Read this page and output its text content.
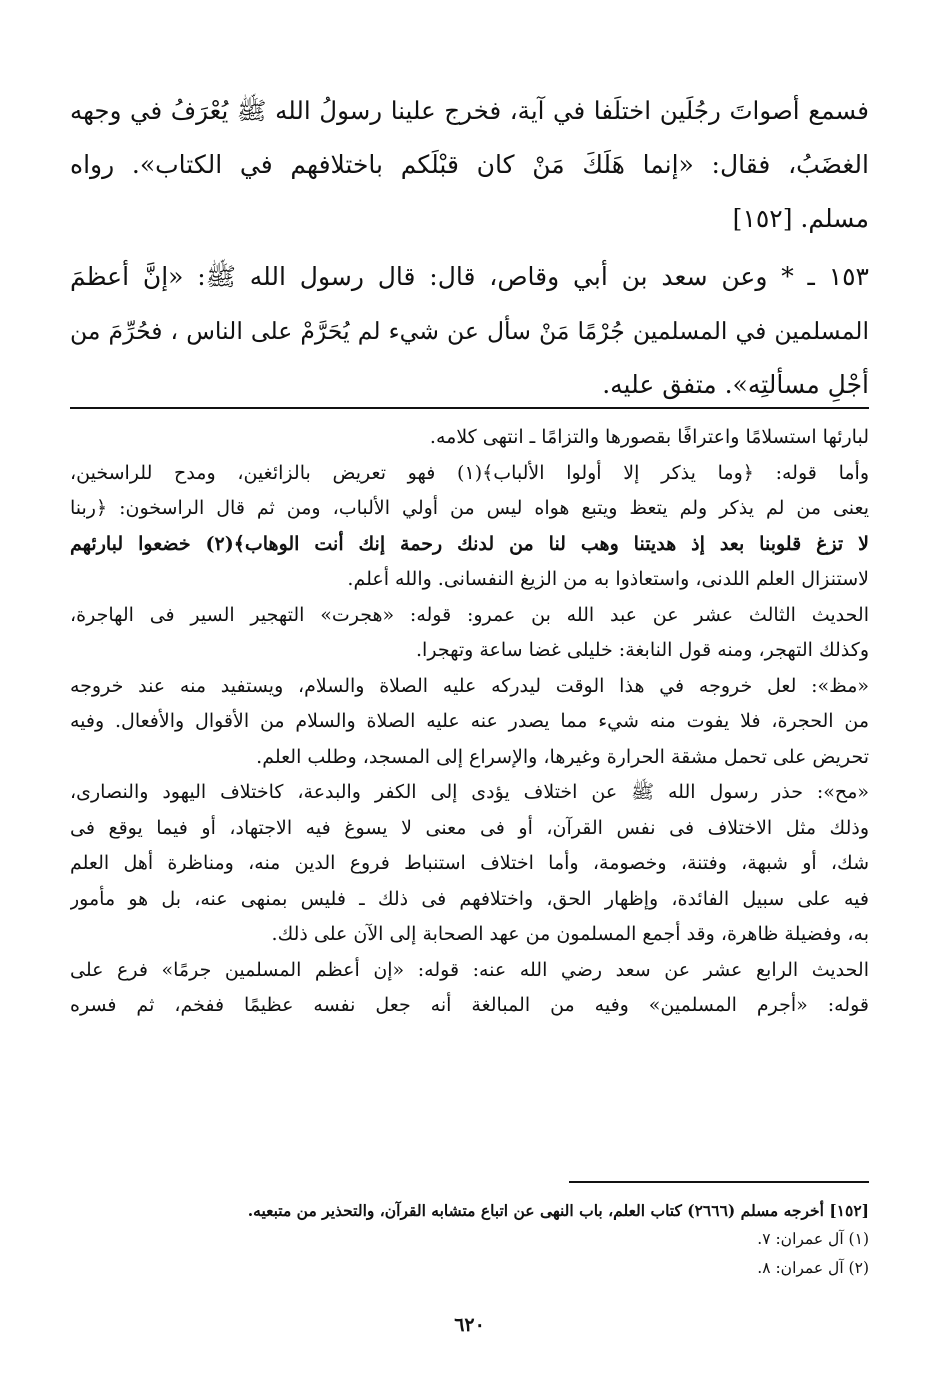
فسمع أصواتَ رجُلَين اختلَفا في آية، فخرج علينا رسولُ الله ﷺ يُعْرَفُ في وجهه
الغضَبُ، فقال: «إنما هَلَكَ مَنْ كان قبْلَكم باختلافهم في الكتاب». رواه
مسلم. [١٥٢]
١٥٣ ـ * وعن سعد بن أبي وقاص، قال: قال رسول الله ﷺ: «إنَّ أعظمَ
المسلمين في المسلمين جُرْمًا مَنْ سأل عن شيء لم يُحَرَّمْ على الناس ، فحُرِّمَ من
أجْلِ مسألتِه». متفق عليه.
لبارئها استسلامًا واعترافًا بقصورها والتزامًا ـ انتهى كلامه.
وأما قوله: ﴿وما يذكر إلا أولوا الألباب﴾(١) فهو تعريض بالزائغين، ومدح للراسخين،
يعنى من لم يذكر ولم يتعظ ويتبع هواه ليس من أولي الألباب، ومن ثم قال الراسخون: ﴿ربنا
لا تزغ قلوبنا بعد إذ هديتنا وهب لنا من لدنك رحمة إنك أنت الوهاب﴾(٢) خضعوا لبارئهم
لاستنزال العلم اللدنى، واستعاذوا به من الزيغ النفسانى. والله أعلم.
الحديث الثالث عشر عن عبد الله بن عمرو: قوله: «هجرت» التهجير السير فى الهاجرة،
وكذلك التهجر، ومنه قول النابغة: خليلى غضا ساعة وتهجرا.
«مظ»: لعل خروجه في هذا الوقت ليدركه عليه الصلاة والسلام، ويستفيد منه عند خروجه
من الحجرة، فلا يفوت منه شيء مما يصدر عنه عليه الصلاة والسلام من الأقوال والأفعال. وفيه
تحريض على تحمل مشقة الحرارة وغيرها، والإسراع إلى المسجد، وطلب العلم.
«مح»: حذر رسول الله ﷺ عن اختلاف يؤدى إلى الكفر والبدعة، كاختلاف اليهود والنصارى،
وذلك مثل الاختلاف فى نفس القرآن، أو فى معنى لا يسوغ فيه الاجتهاد، أو فيما يوقع فى
شك، أو شبهة، وفتنة، وخصومة، وأما اختلاف استنباط فروع الدين منه، ومناظرة أهل العلم
فيه على سبيل الفائدة، وإظهار الحق، واختلافهم فى ذلك ـ فليس بمنهى عنه، بل هو مأمور
به، وفضيلة ظاهرة، وقد أجمع المسلمون من عهد الصحابة إلى الآن على ذلك.
الحديث الرابع عشر عن سعد رضي الله عنه: قوله: «إن أعظم المسلمين جرمًا» فرع على
قوله: «أجرم المسلمين» وفيه من المبالغة أنه جعل نفسه عظيمًا ففخم، ثم فسره
[١٥٢] أخرجه مسلم (٢٦٦٦) كتاب العلم، باب النهى عن اتباع متشابه القرآن، والتحذير من متبعيه.
(١) آل عمران: ٧.
(٢) آل عمران: ٨.
٦٢٠
